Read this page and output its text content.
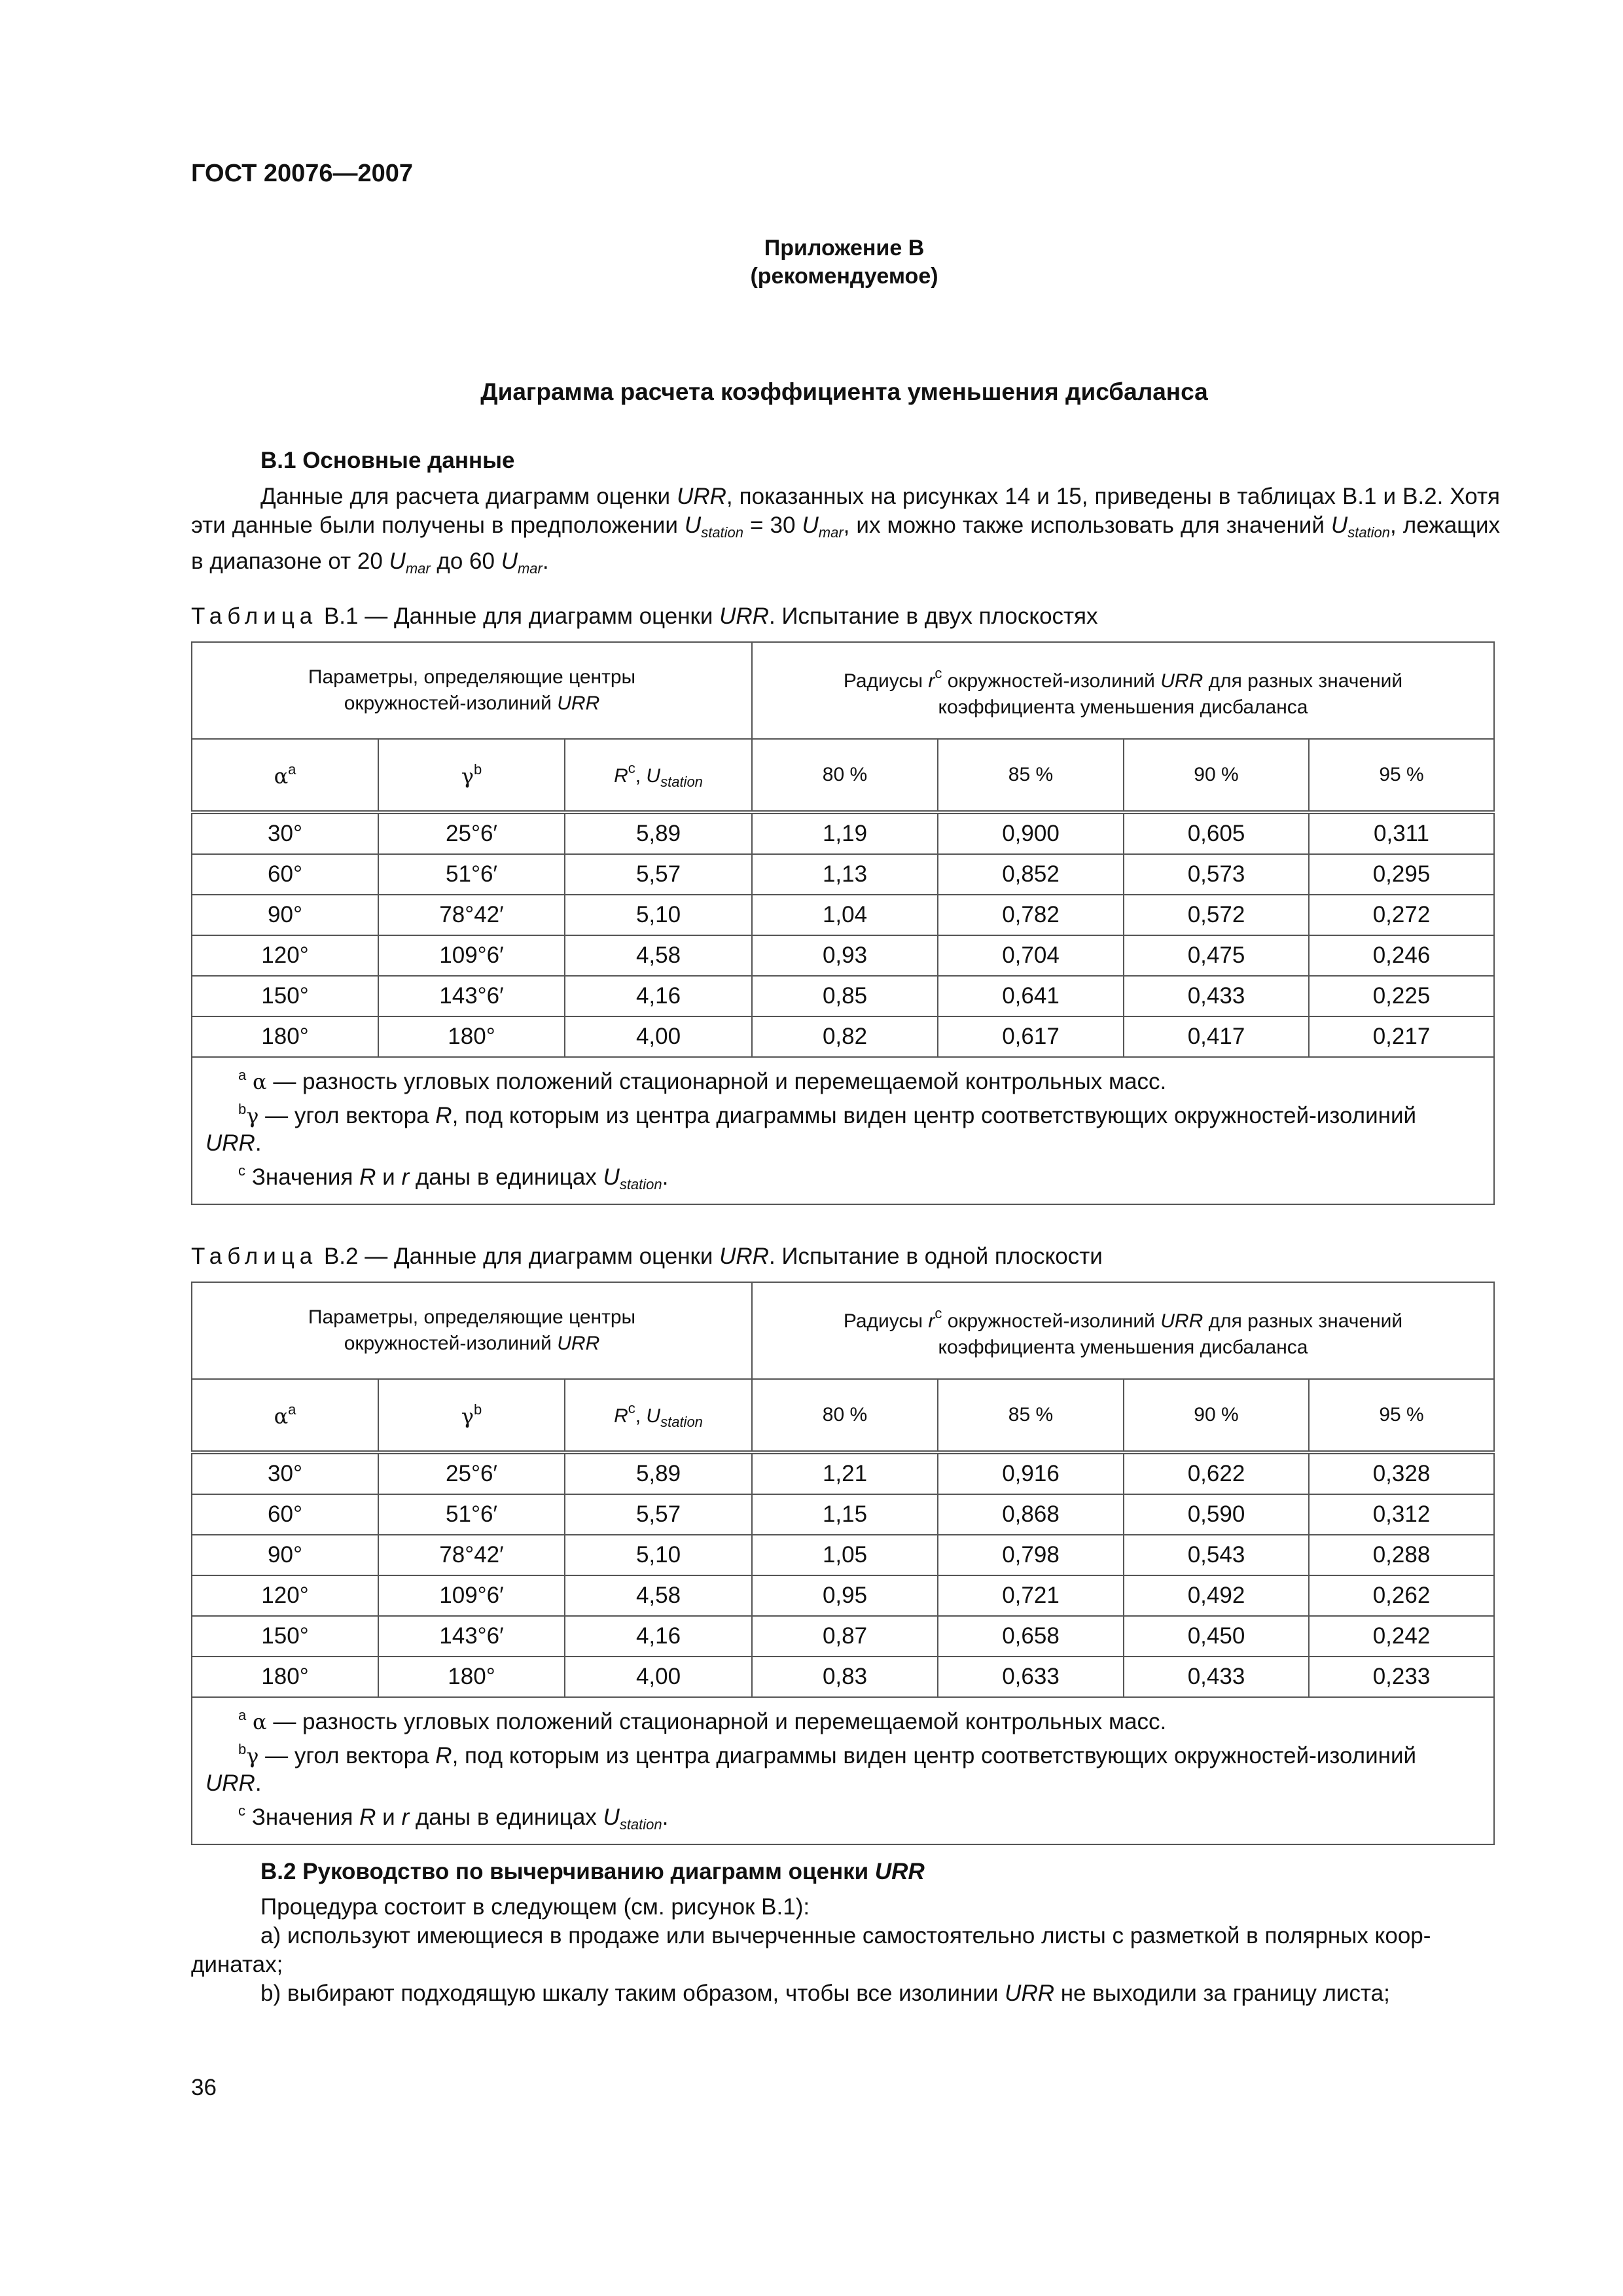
ГОСТ 20076—2007
Приложение В
(рекомендуемое)
Диаграмма расчета коэффициента уменьшения дисбаланса
В.1 Основные данные
Данные для расчета диаграмм оценки URR, показанных на рисунках 14 и 15, приведены в таблицах В.1 и В.2. Хотя эти данные были получены в предположении $U_{station} = 30$ $U_{mar}$, их можно также использовать для значений $U_{station}$, лежащих в диапазоне от 20 $U_{mar}$ до 60 $U_{mar}$.
Таблица В.1 — Данные для диаграмм оценки URR. Испытание в двух плоскостях
Параметры, определяющие центры
окружностей-изолиний URR			Радиусы $r^c$ окружностей-изолиний URR для разных значений
коэффициента уменьшения дисбаланса			
$\alpha^a$	$\gamma^b$	$R^c$, $U_{station}$	80 %	85 %	90 %	95 %
30°	25°6′	5,89	1,19	0,900	0,605	0,311
60°	51°6′	5,57	1,13	0,852	0,573	0,295
90°	78°42′	5,10	1,04	0,782	0,572	0,272
120°	109°6′	4,58	0,93	0,704	0,475	0,246
150°	143°6′	4,16	0,85	0,641	0,433	0,225
180°	180°	4,00	0,82	0,617	0,417	0,217

$^a$ α — разность угловых положений стационарной и перемещаемой контрольных масс.
$^b$γ — угол вектора R, под которым из центра диаграммы виден центр соответствующих окружностей-изолиний
URR.
$^c$ Значения R и r даны в единицах $U_{station}$.						
Таблица В.2 — Данные для диаграмм оценки URR. Испытание в одной плоскости
Параметры, определяющие центры
окружностей-изолиний URR			Радиусы $r^c$ окружностей-изолиний URR для разных значений
коэффициента уменьшения дисбаланса			
$\alpha^a$	$\gamma^b$	$R^c$, $U_{station}$	80 %	85 %	90 %	95 %
30°	25°6′	5,89	1,21	0,916	0,622	0,328
60°	51°6′	5,57	1,15	0,868	0,590	0,312
90°	78°42′	5,10	1,05	0,798	0,543	0,288
120°	109°6′	4,58	0,95	0,721	0,492	0,262
150°	143°6′	4,16	0,87	0,658	0,450	0,242
180°	180°	4,00	0,83	0,633	0,433	0,233

$^a$ α — разность угловых положений стационарной и перемещаемой контрольных масс.
$^b$γ — угол вектора R, под которым из центра диаграммы виден центр соответствующих окружностей-изолиний
URR.
$^c$ Значения R и r даны в единицах $U_{station}$.						
В.2 Руководство по вычерчиванию диаграмм оценки URR
Процедура состоит в следующем (см. рисунок В.1):
a) используют имеющиеся в продаже или вычерченные самостоятельно листы с разметкой в полярных коор-
динатах;
b) выбирают подходящую шкалу таким образом, чтобы все изолинии URR не выходили за границу листа;
36
